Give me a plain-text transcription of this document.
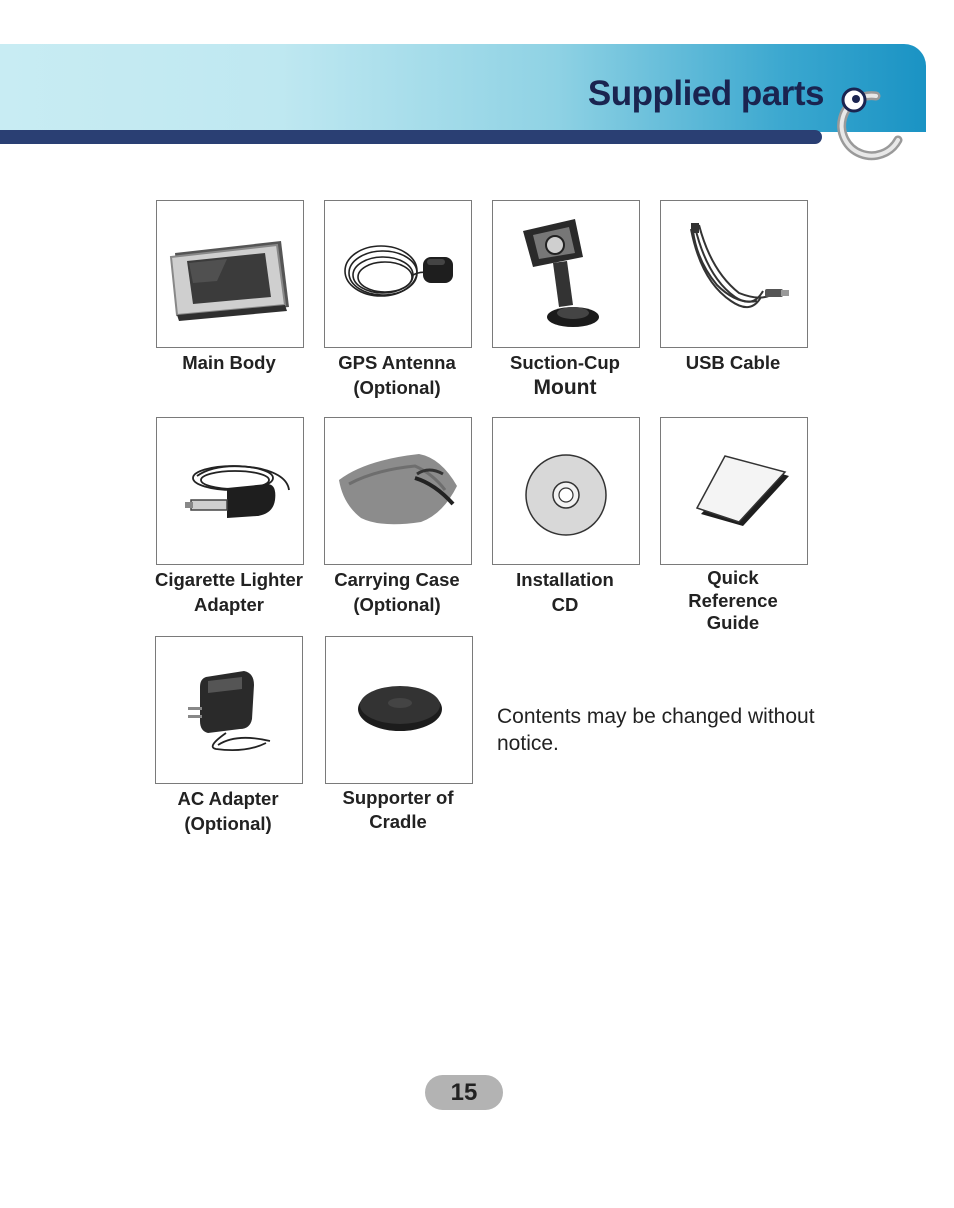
Supplied parts
Main Body	GPS Antenna
(Optional)
Suction-Cup
Mount
USB Cable
Cigarette Lighter
Adapter
Carrying Case
(Optional)
Installation
CD
Quick
Reference
Guide
AC Adapter
(Optional)
Supporter of
Cradle
Contents may be changed without notice.
15
